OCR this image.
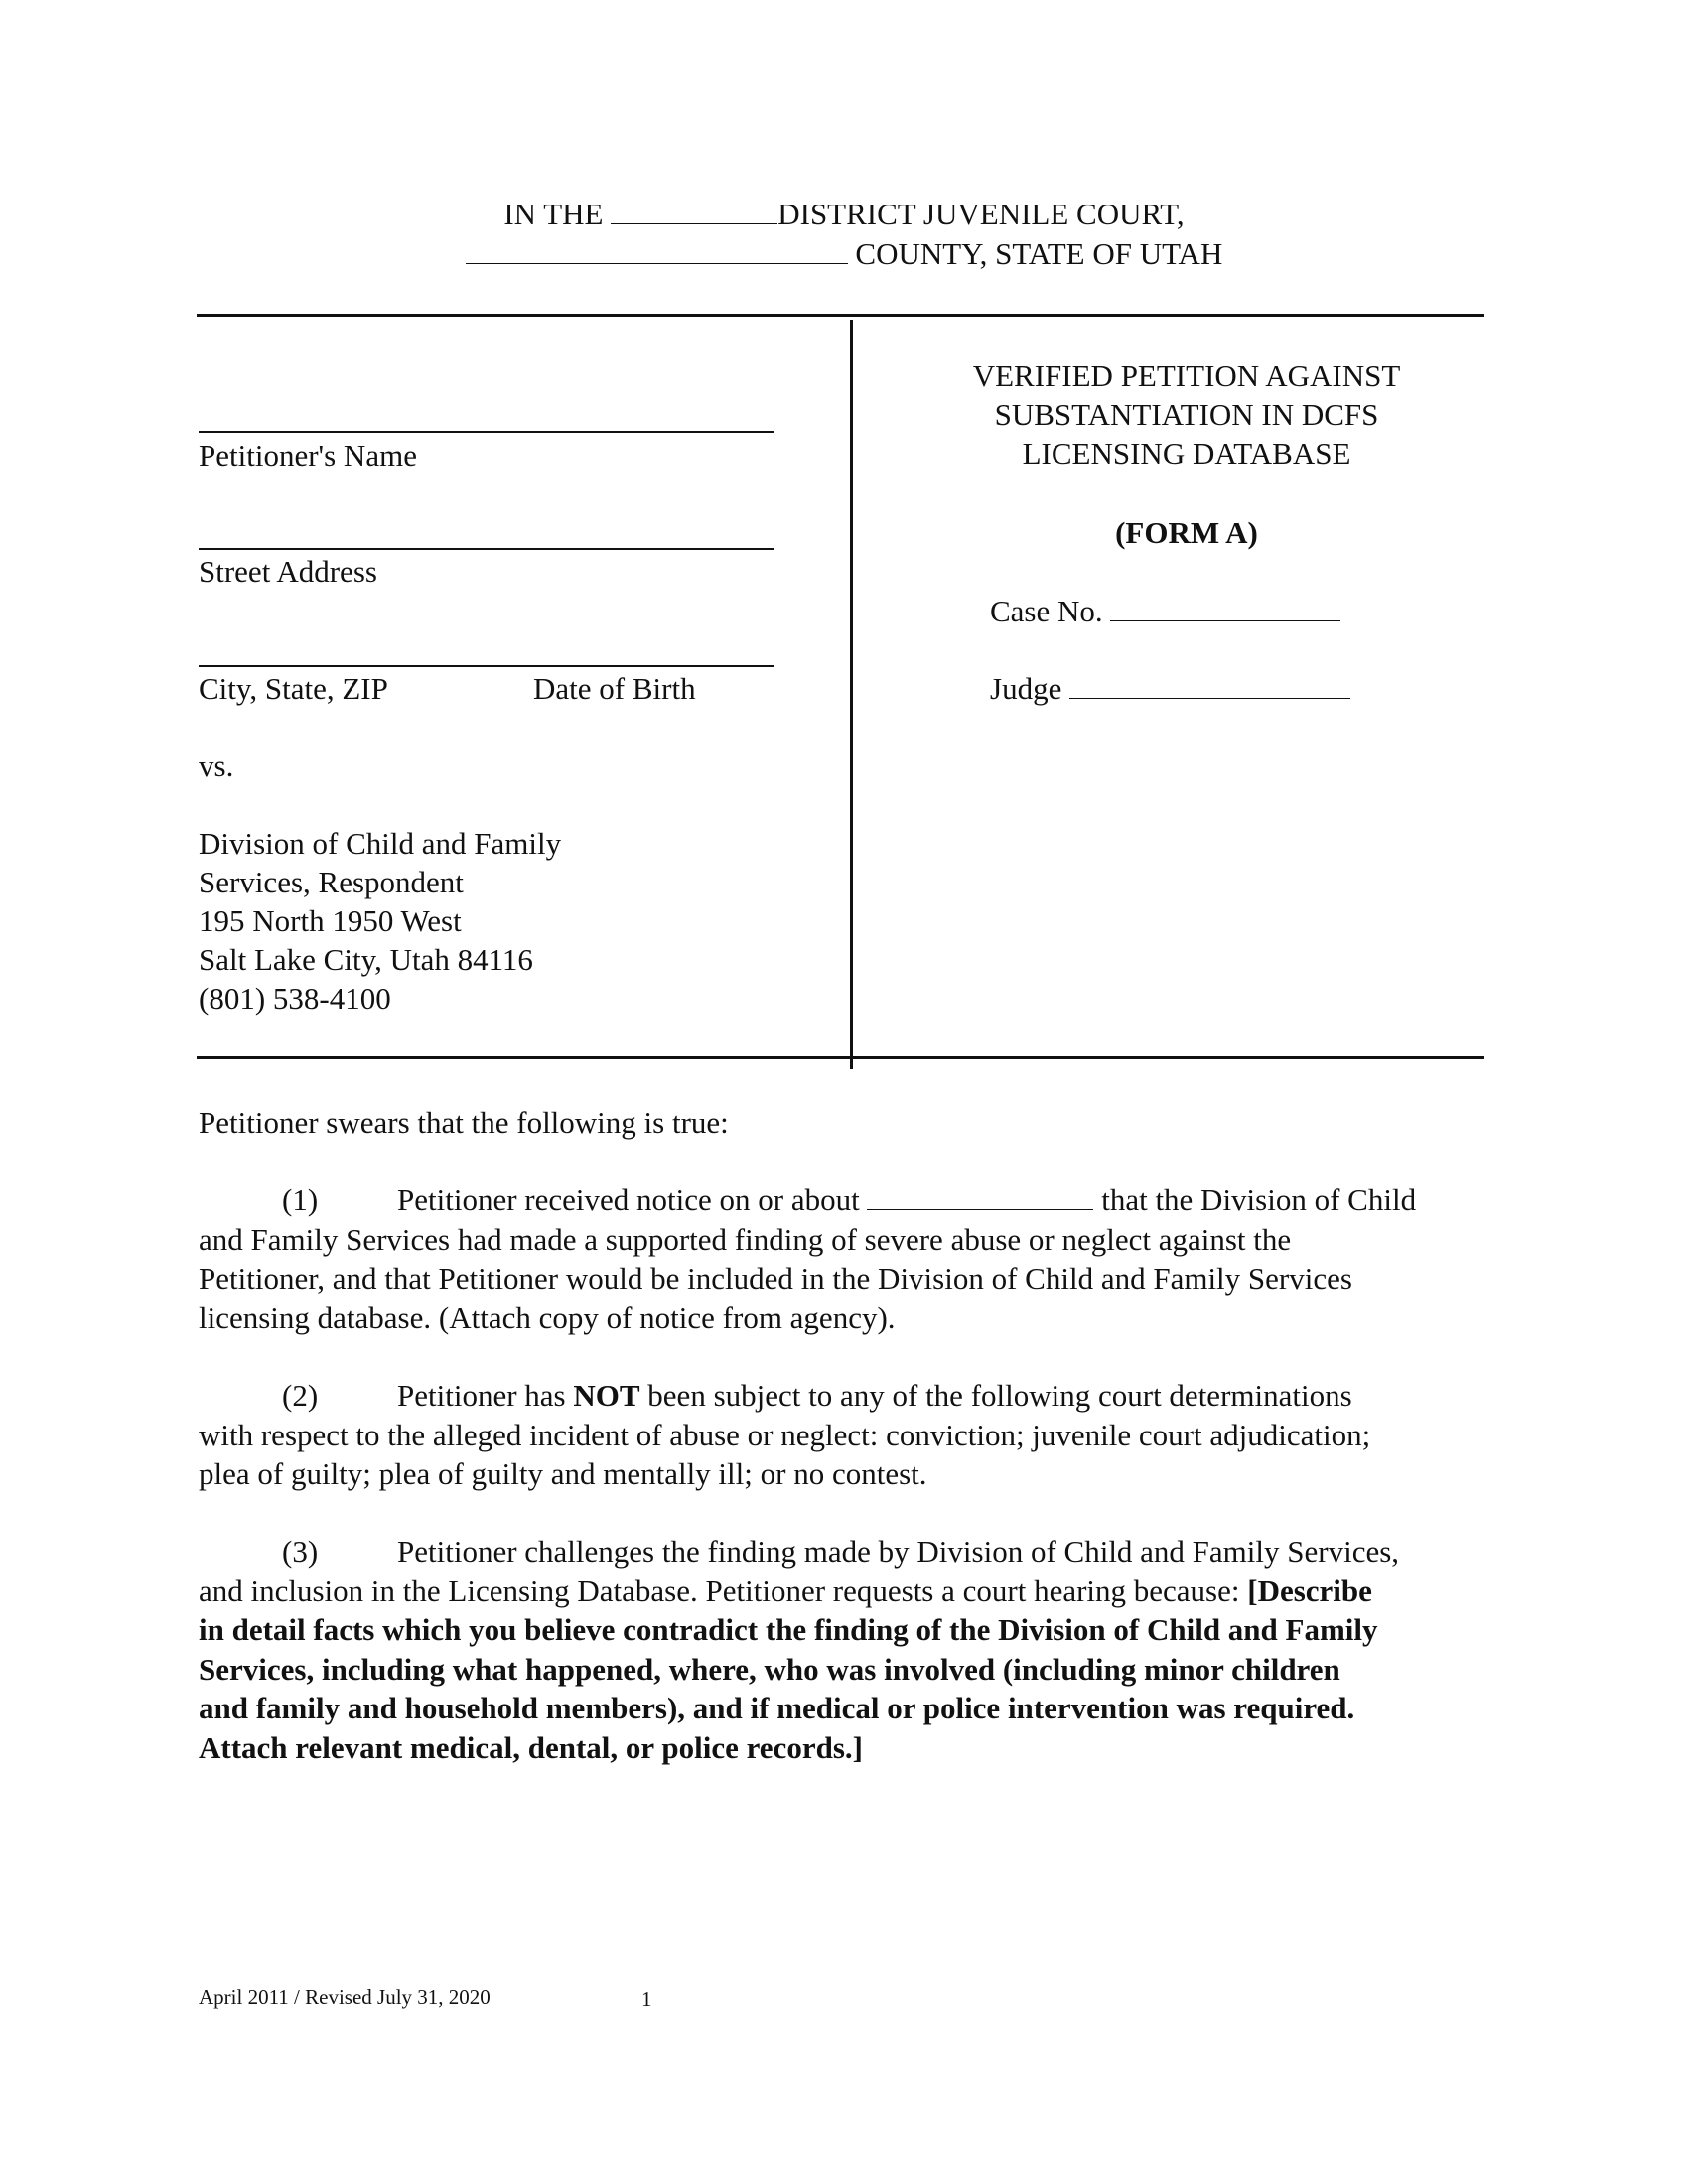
IN THE	DISTRICT JUVENILE COURT,
COUNTY, STATE OF UTAH
Petitioner's Name
Street Address
City, State, ZIP	Date of Birth
vs.
Division of Child and Family
Services, Respondent
195 North 1950 West
Salt Lake City, Utah 84116
(801) 538-4100
VERIFIED PETITION AGAINST
SUBSTANTIATION IN DCFS
LICENSING DATABASE
(FORM A)
Case No.
Judge
Petitioner swears that the following is true:
(1)	Petitioner received notice on or about	that the Division of Child
and Family Services had made a supported finding of severe abuse or neglect against the
Petitioner, and that Petitioner would be included in the Division of Child and Family Services
licensing database. (Attach copy of notice from agency).
(2)	Petitioner has NOT been subject to any of the following court determinations
with respect to the alleged incident of abuse or neglect: conviction; juvenile court adjudication;
plea of guilty; plea of guilty and mentally ill; or no contest.
(3)	Petitioner challenges the finding made by Division of Child and Family Services,
and inclusion in the Licensing Database. Petitioner requests a court hearing because: [Describe
in detail facts which you believe contradict the finding of the Division of Child and Family
Services, including what happened, where, who was involved (including minor children
and family and household members), and if medical or police intervention was required.
Attach relevant medical, dental, or police records.]
April 2011 / Revised July 31, 2020	1
